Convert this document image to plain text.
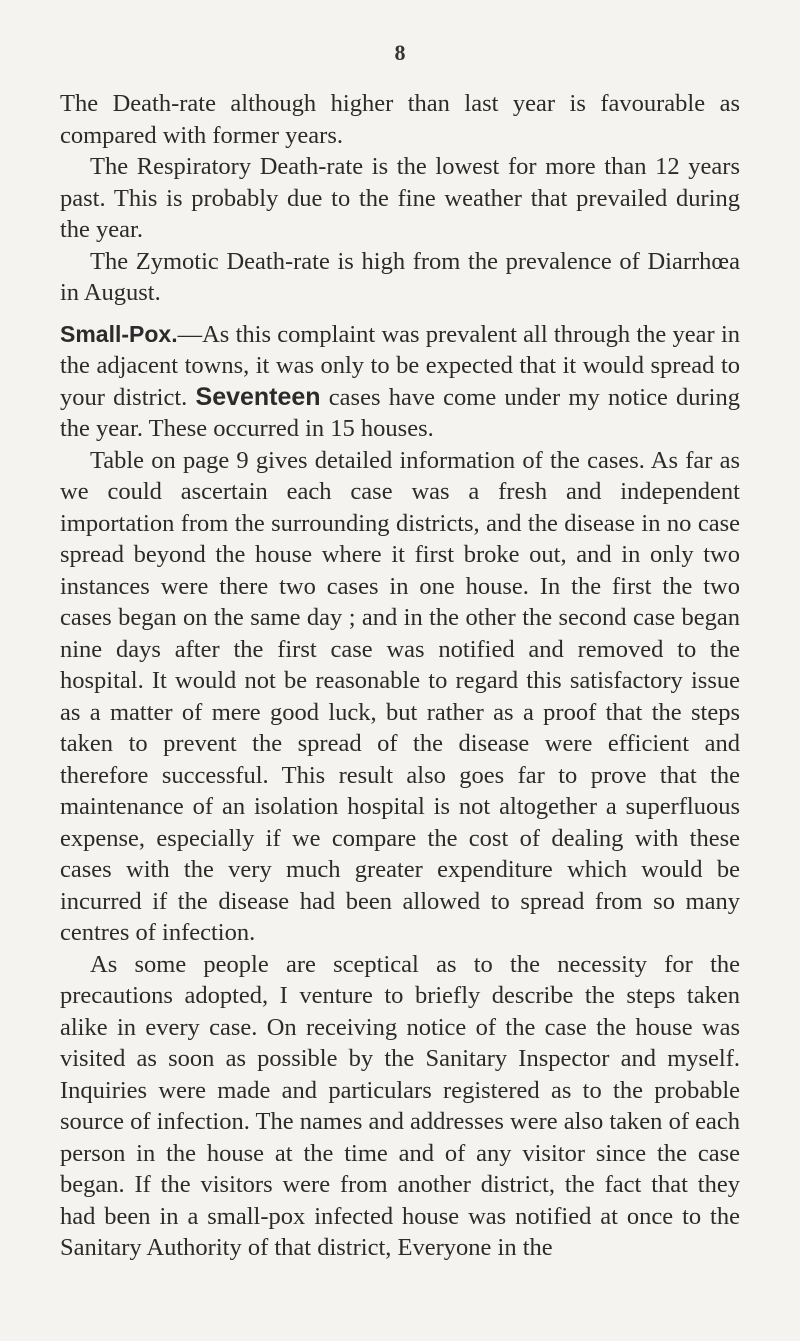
8

The Death-rate although higher than last year is favourable as compared with former years.

The Respiratory Death-rate is the lowest for more than 12 years past. This is probably due to the fine weather that prevailed during the year.

The Zymotic Death-rate is high from the prevalence of Diarrhœa in August.

Small-Pox.—As this complaint was prevalent all through the year in the adjacent towns, it was only to be expected that it would spread to your district. Seventeen cases have come under my notice during the year. These occurred in 15 houses.

Table on page 9 gives detailed information of the cases. As far as we could ascertain each case was a fresh and independent importation from the surrounding districts, and the disease in no case spread beyond the house where it first broke out, and in only two instances were there two cases in one house. In the first the two cases began on the same day ; and in the other the second case began nine days after the first case was notified and removed to the hospital. It would not be reasonable to regard this satisfactory issue as a matter of mere good luck, but rather as a proof that the steps taken to prevent the spread of the disease were efficient and therefore successful. This result also goes far to prove that the maintenance of an isolation hospital is not altogether a superfluous expense, especially if we compare the cost of dealing with these cases with the very much greater expenditure which would be incurred if the disease had been allowed to spread from so many centres of infection.

As some people are sceptical as to the necessity for the precautions adopted, I venture to briefly describe the steps taken alike in every case. On receiving notice of the case the house was visited as soon as possible by the Sanitary Inspector and myself. Inquiries were made and particulars registered as to the probable source of infection. The names and addresses were also taken of each person in the house at the time and of any visitor since the case began. If the visitors were from another district, the fact that they had been in a small-pox infected house was notified at once to the Sanitary Authority of that district, Everyone in the
